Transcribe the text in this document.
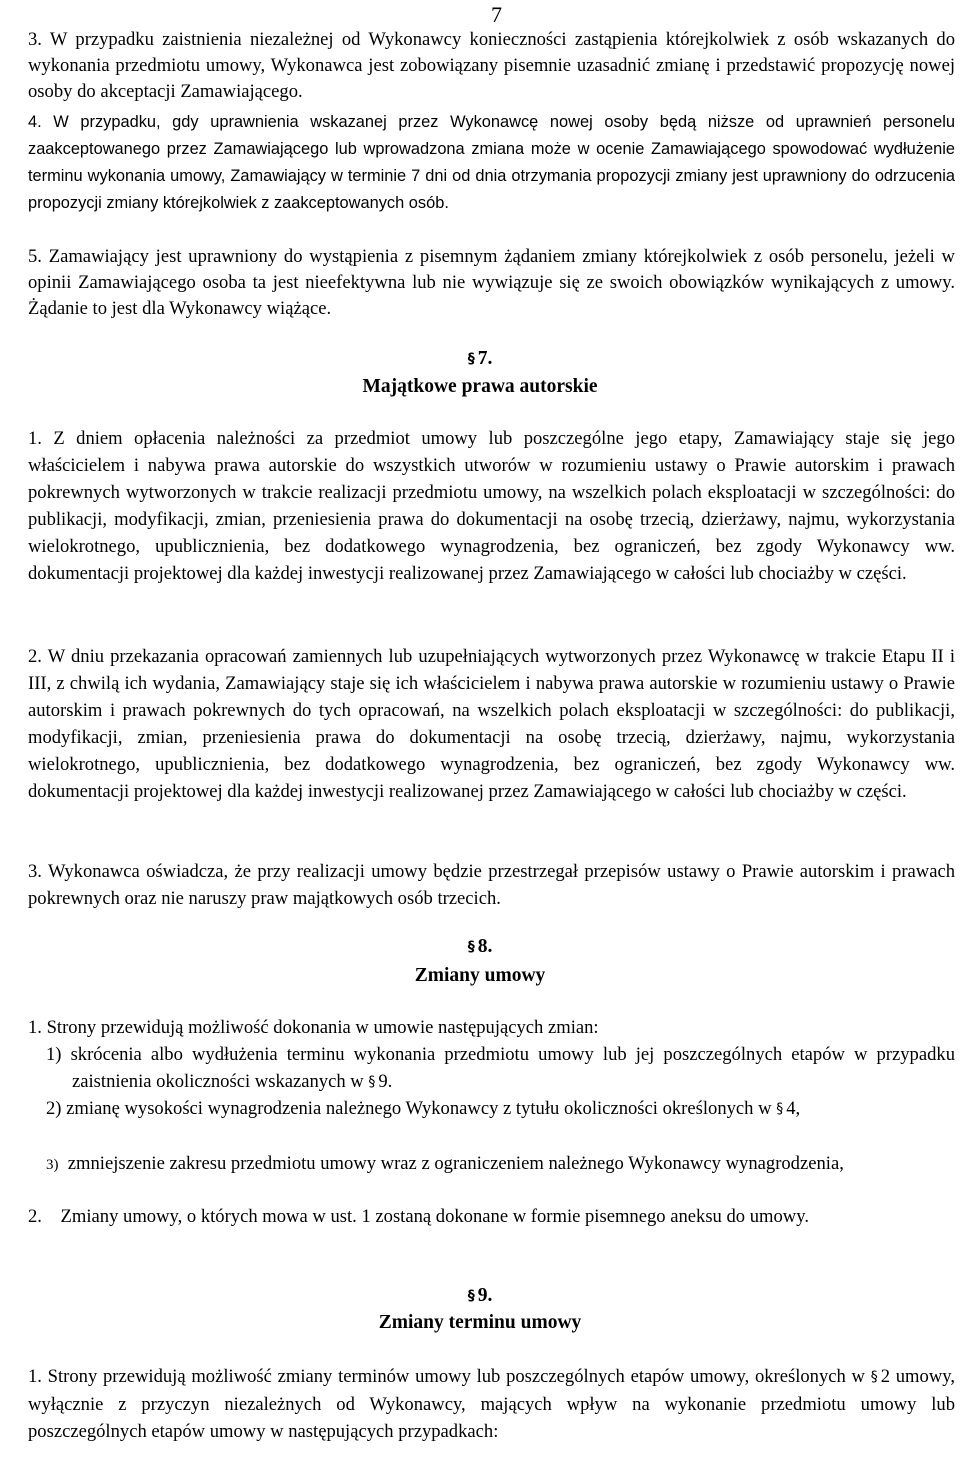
7
3. W przypadku zaistnienia niezależnej od Wykonawcy konieczności zastąpienia którejkolwiek z osób wskazanych do wykonania przedmiotu umowy, Wykonawca jest zobowiązany pisemnie uzasadnić zmianę i przedstawić propozycję nowej osoby do akceptacji Zamawiającego.
4. W przypadku, gdy uprawnienia wskazanej przez Wykonawcę nowej osoby będą niższe od uprawnień personelu zaakceptowanego przez Zamawiającego lub wprowadzona zmiana może w ocenie Zamawiającego spowodować wydłużenie terminu wykonania umowy, Zamawiający w terminie 7 dni od dnia otrzymania propozycji zmiany jest uprawniony do odrzucenia propozycji zmiany którejkolwiek z zaakceptowanych osób.
5. Zamawiający jest uprawniony do wystąpienia z pisemnym żądaniem zmiany którejkolwiek z osób personelu, jeżeli w opinii Zamawiającego osoba ta jest nieefektywna lub nie wywiązuje się ze swoich obowiązków wynikających z umowy. Żądanie to jest dla Wykonawcy wiążące.
§ 7.
Majątkowe prawa autorskie
1. Z dniem opłacenia należności za przedmiot umowy lub poszczególne jego etapy, Zamawiający staje się jego właścicielem i nabywa prawa autorskie do wszystkich utworów w rozumieniu ustawy o Prawie autorskim i prawach pokrewnych wytworzonych w trakcie realizacji przedmiotu umowy, na wszelkich polach eksploatacji w szczególności: do publikacji, modyfikacji, zmian, przeniesienia prawa do dokumentacji na osobę trzecią, dzierżawy, najmu, wykorzystania wielokrotnego, upublicznienia, bez dodatkowego wynagrodzenia, bez ograniczeń, bez zgody Wykonawcy ww. dokumentacji projektowej dla każdej inwestycji realizowanej przez Zamawiającego w całości lub chociażby w części.
2. W dniu przekazania opracowań zamiennych lub uzupełniających wytworzonych przez Wykonawcę w trakcie Etapu II i III, z chwilą ich wydania, Zamawiający staje się ich właścicielem i nabywa prawa autorskie w rozumieniu ustawy o Prawie autorskim i prawach pokrewnych do tych opracowań, na wszelkich polach eksploatacji w szczególności: do publikacji, modyfikacji, zmian, przeniesienia prawa do dokumentacji na osobę trzecią, dzierżawy, najmu, wykorzystania wielokrotnego, upublicznienia, bez dodatkowego wynagrodzenia, bez ograniczeń, bez zgody Wykonawcy ww. dokumentacji projektowej dla każdej inwestycji realizowanej przez Zamawiającego w całości lub chociażby w części.
3. Wykonawca oświadcza, że przy realizacji umowy będzie przestrzegał przepisów ustawy o Prawie autorskim i prawach pokrewnych oraz nie naruszy praw majątkowych osób trzecich.
§ 8.
Zmiany umowy
1. Strony przewidują możliwość dokonania w umowie następujących zmian:
1) skrócenia albo wydłużenia terminu wykonania przedmiotu umowy lub jej poszczególnych etapów w przypadku zaistnienia okoliczności wskazanych w § 9.
2) zmianę wysokości wynagrodzenia należnego Wykonawcy z tytułu okoliczności określonych w § 4,
3) zmniejszenie zakresu przedmiotu umowy wraz z ograniczeniem należnego Wykonawcy wynagrodzenia,
2.    Zmiany umowy, o których mowa w ust. 1 zostaną dokonane w formie pisemnego aneksu do umowy.
§ 9.
Zmiany terminu umowy
1. Strony przewidują możliwość zmiany terminów umowy lub poszczególnych etapów umowy, określonych w § 2 umowy, wyłącznie z przyczyn niezależnych od Wykonawcy, mających wpływ na wykonanie przedmiotu umowy lub poszczególnych etapów umowy w następujących przypadkach:
